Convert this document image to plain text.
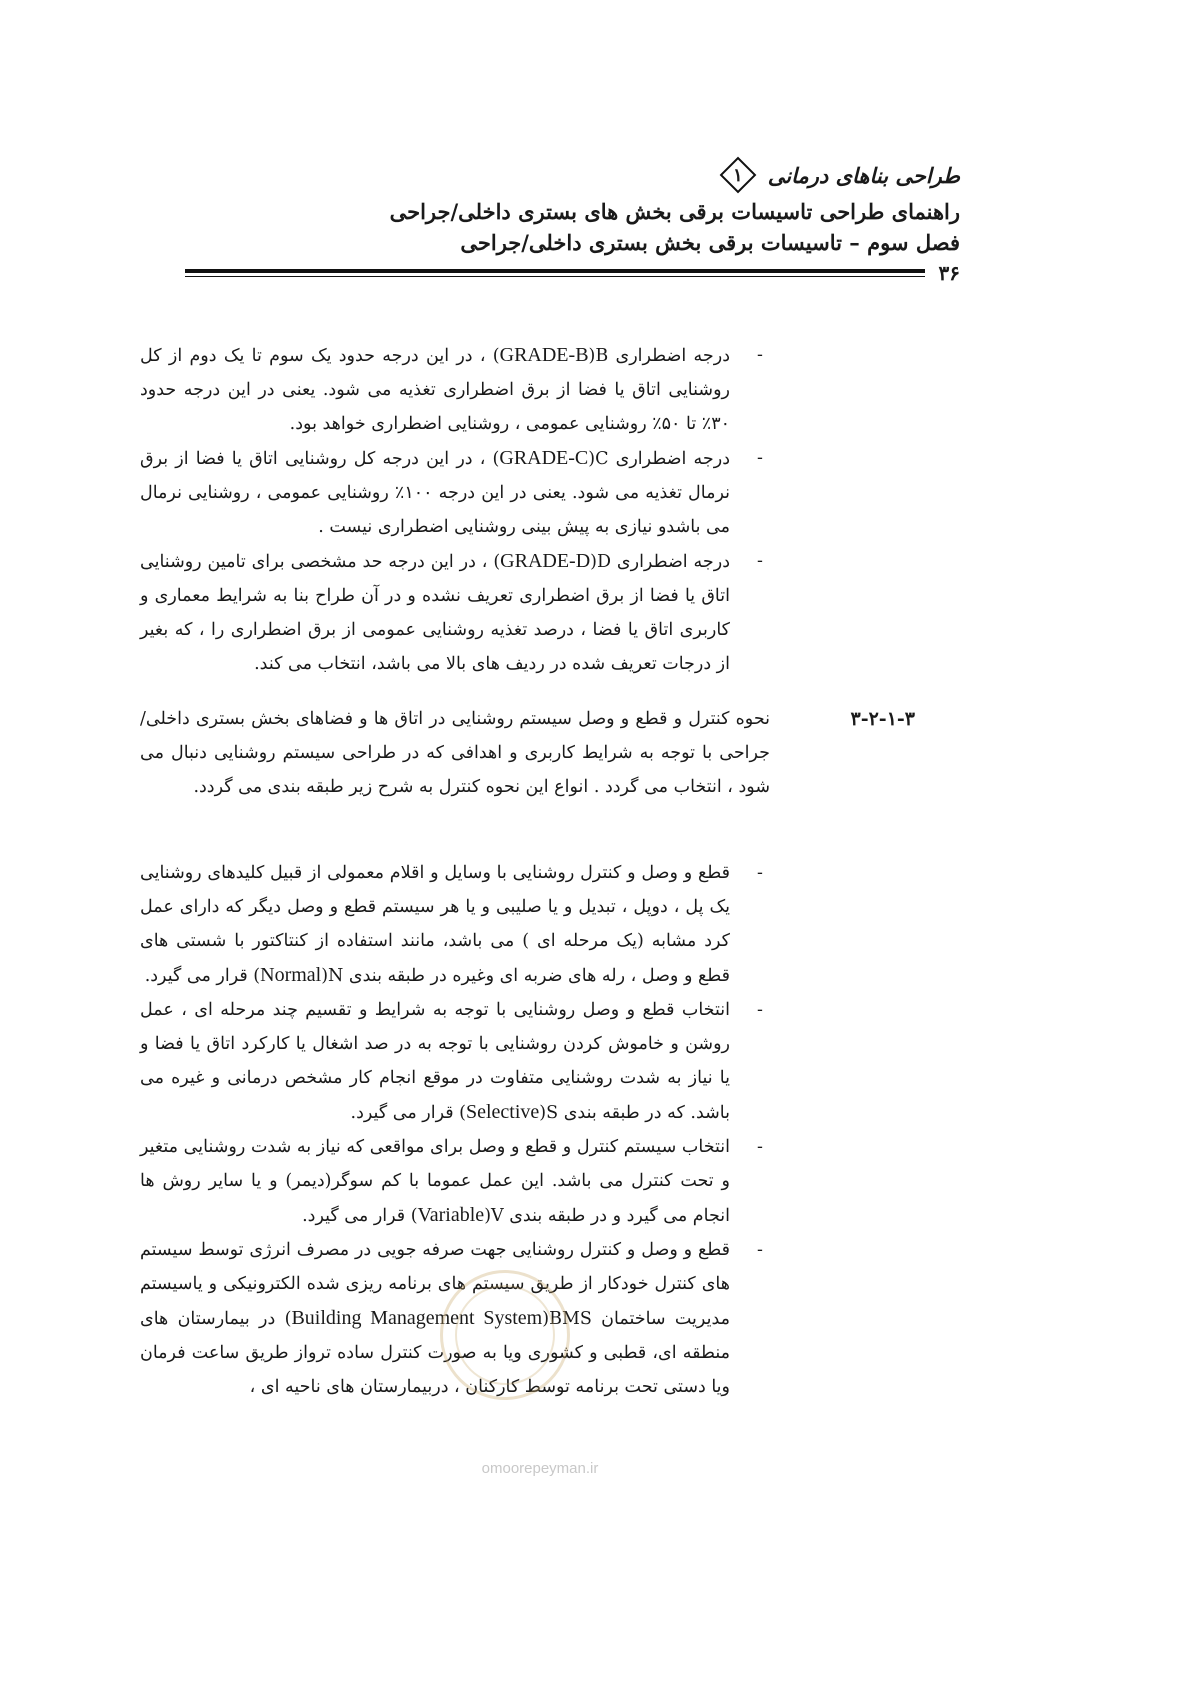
طراحی بناهای درمانی
۱
راهنمای طراحی تاسیسات برقی بخش های بستری داخلی/جراحی
فصل سوم – تاسیسات برقی بخش بستری داخلی/جراحی
۳۶
-
درجه اضطراری B(GRADE-B) ، در این درجه حدود یک سوم تا یک دوم از کل روشنایی اتاق یا فضا از برق اضطراری تغذیه می شود. یعنی در این درجه حدود ۳۰٪ تا ۵۰٪ روشنایی عمومی ، روشنایی اضطراری خواهد بود.
-
درجه اضطراری C(GRADE-C) ، در این درجه کل روشنایی اتاق یا فضا از برق نرمال تغذیه می شود. یعنی در این درجه ۱۰۰٪ روشنایی عمومی ، روشنایی نرمال می باشدو نیازی به پیش بینی روشنایی اضطراری نیست .
-
درجه اضطراری D(GRADE-D) ، در این درجه حد مشخصی برای تامین روشنایی اتاق یا فضا از برق اضطراری تعریف نشده و در آن طراح بنا به شرایط معماری و کاربری اتاق یا فضا ، درصد تغذیه روشنایی عمومی از برق اضطراری را ، که بغیر از درجات تعریف شده در ردیف های بالا می باشد، انتخاب می کند.
۳-۲-۱-۳
نحوه کنترل و قطع و وصل سیستم روشنایی در اتاق ها و فضاهای بخش بستری داخلی/جراحی با توجه به شرایط کاربری و اهدافی که در طراحی سیستم روشنایی دنبال می شود ، انتخاب می گردد . انواع این نحوه کنترل به شرح زیر طبقه بندی می گردد.
-
قطع و وصل و کنترل روشنایی با وسایل و اقلام معمولی از قبیل کلیدهای روشنایی یک پل ، دوپل ، تبدیل و یا صلیبی و یا هر سیستم قطع و وصل دیگر که دارای عمل کرد مشابه (یک مرحله ای ) می باشد، مانند استفاده از کنتاکتور با شستی های قطع و وصل ، رله های ضربه ای وغیره در طبقه بندی N(Normal) قرار می گیرد.
-
انتخاب قطع و وصل روشنایی با توجه به شرایط و تقسیم چند مرحله ای ، عمل روشن و خاموش کردن روشنایی با توجه به در صد اشغال یا کارکرد اتاق یا فضا و یا نیاز به شدت روشنایی متفاوت در موقع انجام کار مشخص درمانی و غیره می باشد. که در طبقه بندی S(Selective) قرار می گیرد.
-
انتخاب سیستم کنترل و قطع و وصل برای مواقعی که نیاز به شدت روشنایی متغیر و تحت کنترل می باشد. این عمل عموما با کم سوگر(دیمر) و یا سایر روش ها انجام می گیرد و در طبقه بندی V(Variable) قرار می گیرد.
-
قطع و وصل و کنترل روشنایی جهت صرفه جویی در مصرف انرژی توسط سیستم های کنترل خودکار از طریق سیستم های برنامه ریزی شده الکترونیکی و یاسیستم مدیریت ساختمان BMS(Building Management System) در بیمارستان های منطقه ای، قطبی و کشوری ویا به صورت کنترل ساده ترواز طریق ساعت فرمان ویا دستی تحت برنامه توسط کارکنان ، دربیمارستان های ناحیه ای ،
omoorepeyman.ir
